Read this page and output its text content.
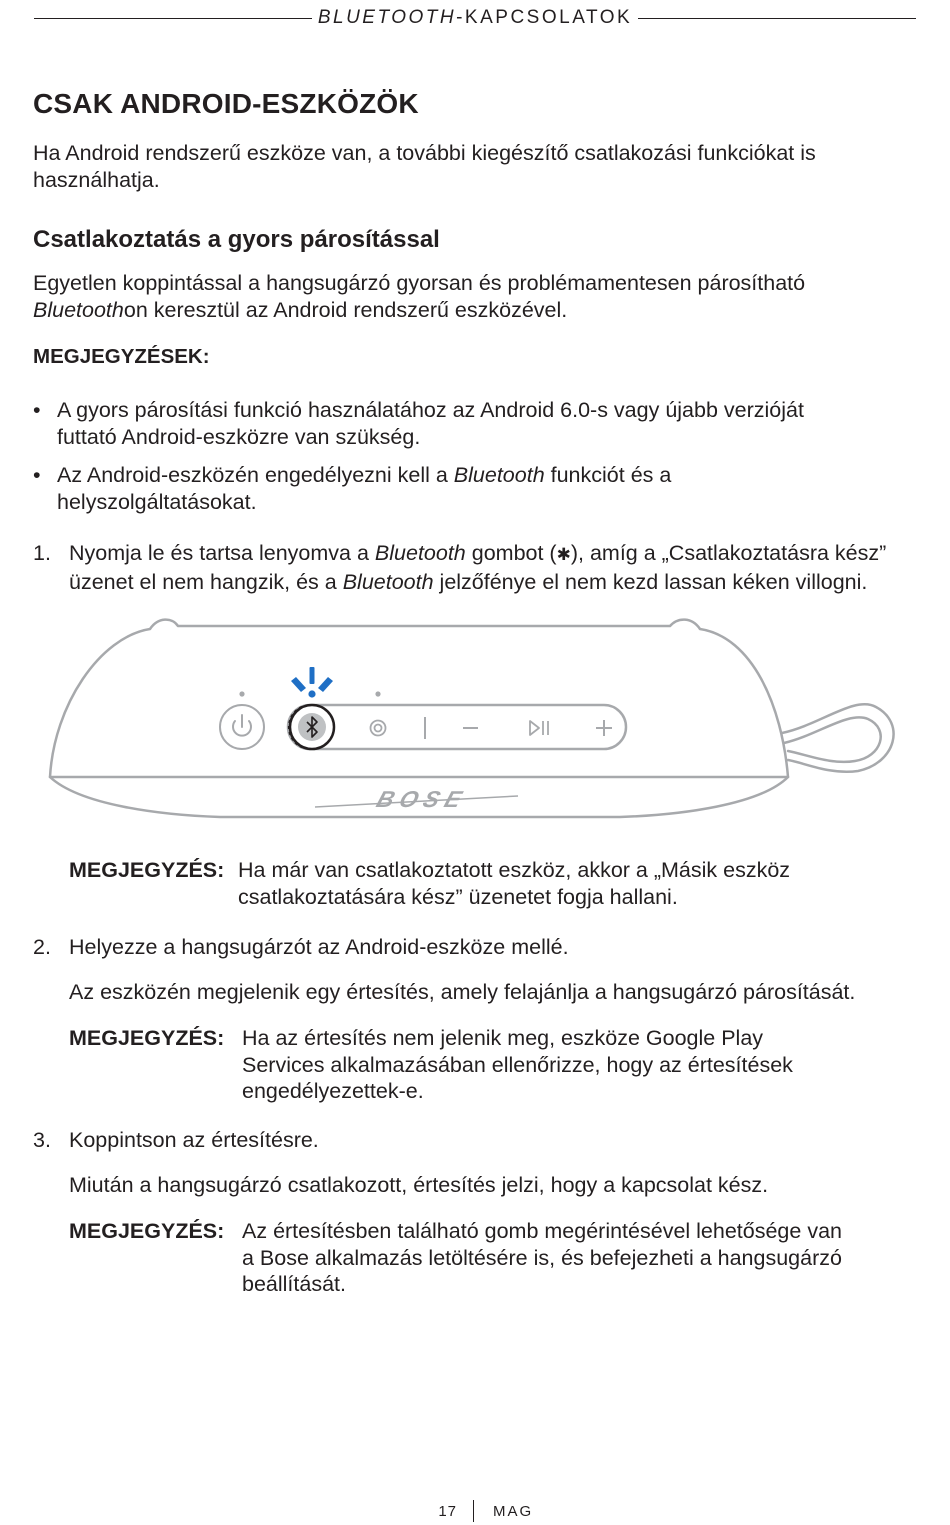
BLUETOOTH-KAPCSOLATOK
CSAK ANDROID-ESZKÖZÖK
Ha Android rendszerű eszköze van, a további kiegészítő csatlakozási funkciókat is
használhatja.
Csatlakoztatás a gyors párosítással
Egyetlen koppintással a hangsugárzó gyorsan és problémamentesen párosítható
Bluetoothon keresztül az Android rendszerű eszközével.
MEGJEGYZÉSEK:
• A gyors párosítási funkció használatához az Android 6.0-s vagy újabb verzióját
futtató Android-eszközre van szükség.
• Az Android-eszközén engedélyezni kell a Bluetooth funkciót és a
helyszolgáltatásokat.
1. Nyomja le és tartsa lenyomva a Bluetooth gombot (✱), amíg a „Csatlakoztatásra kész”
üzenet el nem hangzik, és a Bluetooth jelzőfénye el nem kezd lassan kéken villogni.
BOSE
MEGJEGYZÉS: Ha már van csatlakoztatott eszköz, akkor a „Másik eszköz
csatlakoztatására kész” üzenetet fogja hallani.
2. Helyezze a hangsugárzót az Android-eszköze mellé.
Az eszközén megjelenik egy értesítés, amely felajánlja a hangsugárzó párosítását.
MEGJEGYZÉS: Ha az értesítés nem jelenik meg, eszköze Google Play
Services alkalmazásában ellenőrizze, hogy az értesítések
engedélyezettek-e.
3. Koppintson az értesítésre.
Miután a hangsugárzó csatlakozott, értesítés jelzi, hogy a kapcsolat kész.
MEGJEGYZÉS: Az értesítésben található gomb megérintésével lehetősége van
a Bose alkalmazás letöltésére is, és befejezheti a hangsugárzó
beállítását.
17 MAG
